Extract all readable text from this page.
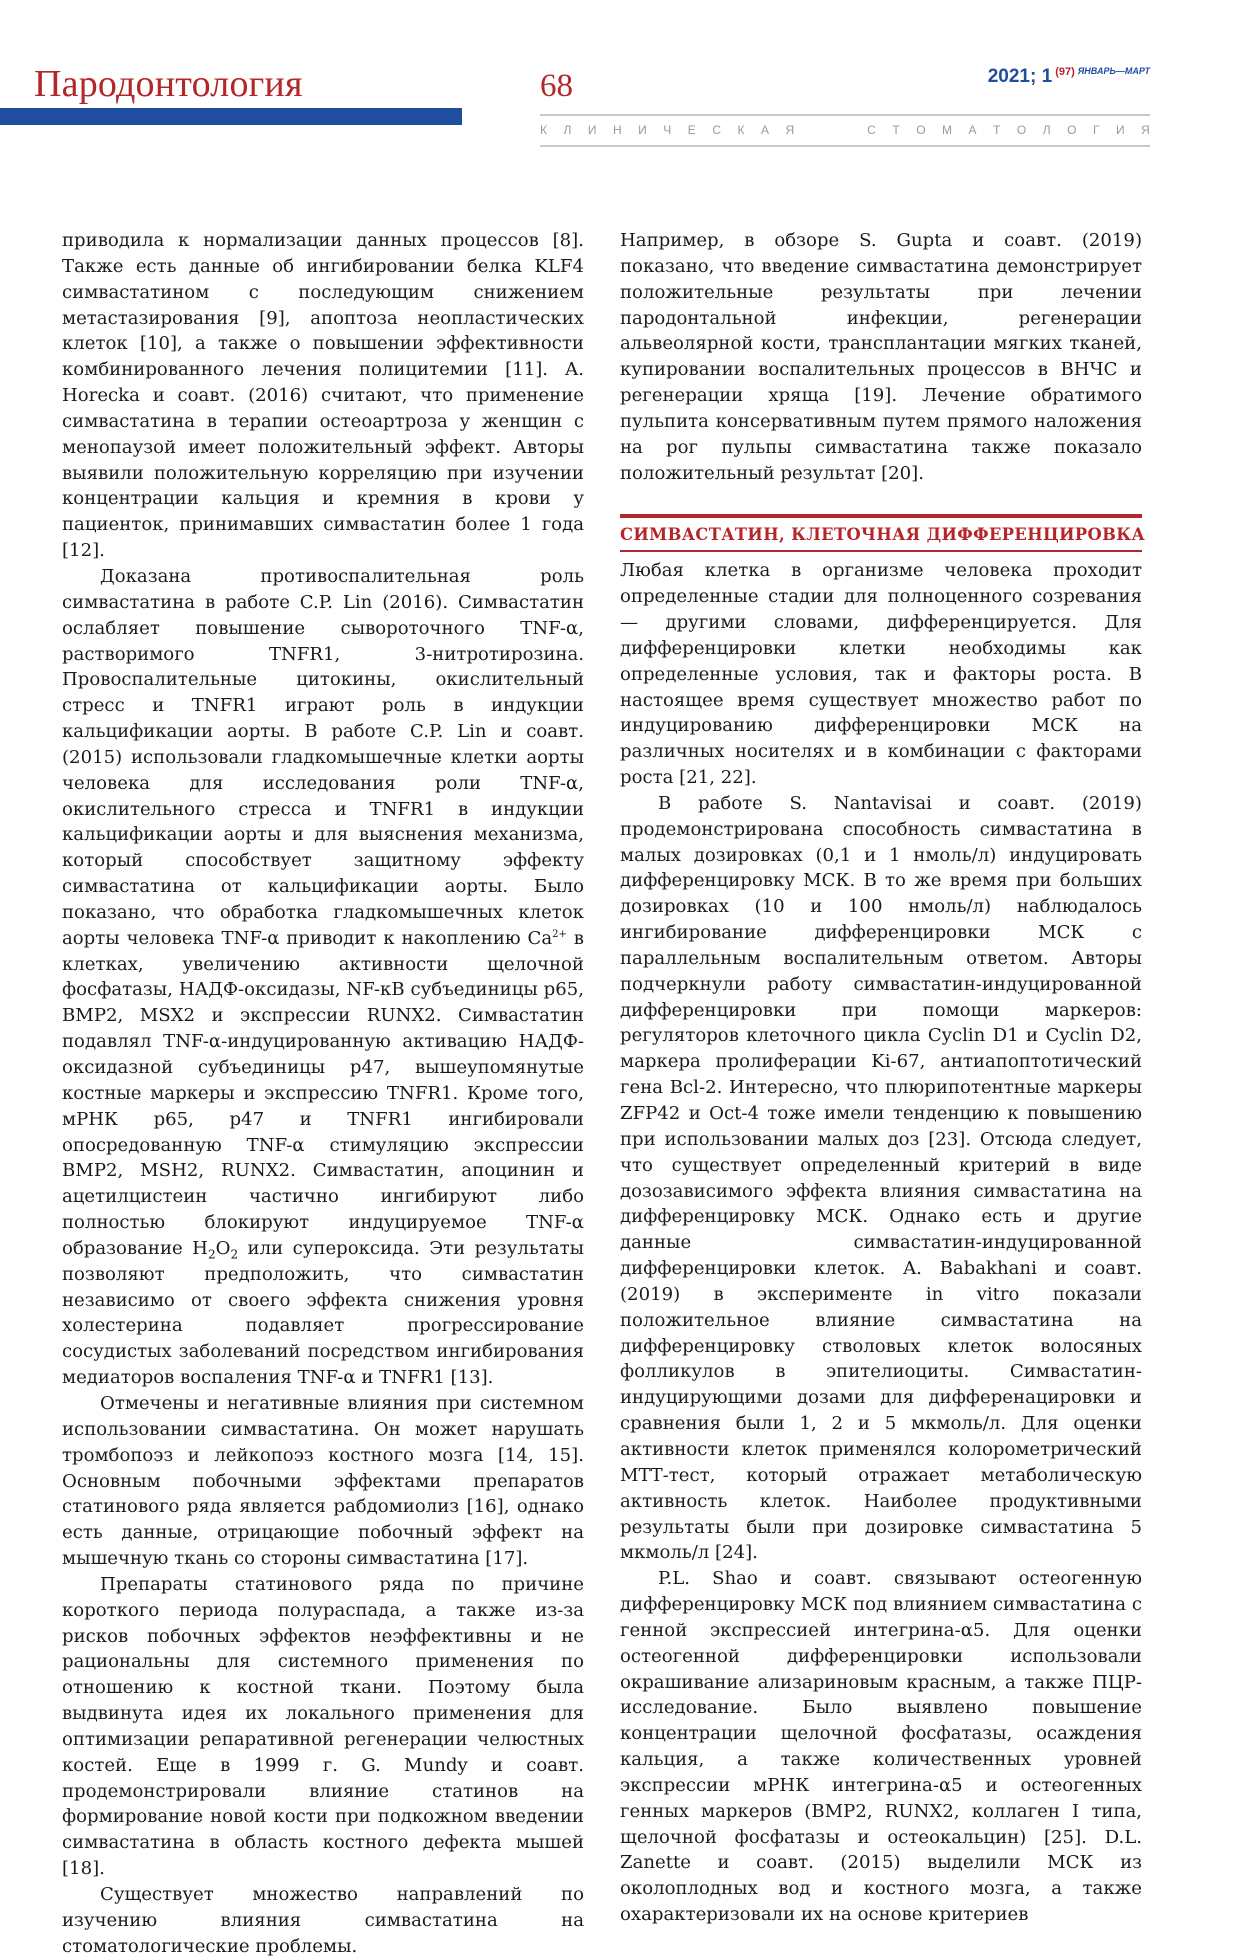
Пародонтология	68	2021; 1 $^{(97)}$ $^{ЯНВАРЬ—МАРТ}$
К Л И Н И Ч Е С К А Я	С Т О М А Т О Л О Г И Я

приводила к нормализации данных процессов [8]. Также есть данные об ингибировании белка KLF4 симвастатином с последующим снижением метастазирования [9], апоптоза неопластических клеток [10], а также о повышении эффективности комбинированного лечения полицитемии [11]. A. Horecka и соавт. (2016) считают, что применение симвастатина в терапии остеоартроза у женщин с менопаузой имеет положительный эффект. Авторы выявили положительную корреляцию при изучении концентрации кальция и кремния в крови у пациенток, принимавших симвастатин более 1 года [12].

Доказана противоспалительная роль симвастатина в работе C.P. Lin (2016). Симвастатин ослабляет повышение сывороточного TNF-α, растворимого TNFR1, 3-нитротирозина. Провоспалительные цитокины, окислительный стресс и TNFR1 играют роль в индукции кальцификации аорты. В работе C.P. Lin и соавт. (2015) использовали гладкомышечные клетки аорты человека для исследования роли TNF-α, окислительного стресса и TNFR1 в индукции кальцификации аорты и для выяснения механизма, который способствует защитному эффекту симвастатина от кальцификации аорты. Было показано, что обработка гладкомышечных клеток аорты человека TNF-α приводит к накоплению $Ca^{2+}$ в клетках, увеличению активности щелочной фосфатазы, НАДФ-оксидазы, NF-κB субъединицы p65, BMP2, MSX2 и экспрессии RUNX2. Симвастатин подавлял TNF-α-индуцированную активацию НАДФ-оксидазной субъединицы p47, вышеупомянутые костные маркеры и экспрессию TNFR1. Кроме того, мРНК p65, p47 и TNFR1 ингибировали опосредованную TNF-α стимуляцию экспрессии BMP2, MSH2, RUNX2. Симвастатин, апоцинин и ацетилцистеин частично ингибируют либо полностью блокируют индуцируемое TNF-α образование $H_2O_2$ или супероксида. Эти результаты позволяют предположить, что симвастатин независимо от своего эффекта снижения уровня холестерина подавляет прогрессирование сосудистых заболеваний посредством ингибирования медиаторов воспаления TNF-α и TNFR1 [13].

Отмечены и негативные влияния при системном использовании симвастатина. Он может нарушать тромбопоэз и лейкопоэз костного мозга [14, 15]. Основным побочными эффектами препаратов статинового ряда является рабдомиолиз [16], однако есть данные, отрицающие побочный эффект на мышечную ткань со стороны симвастатина [17].

Препараты статинового ряда по причине короткого периода полураспада, а также из-за рисков побочных эффектов неэффективны и не рациональны для системного применения по отношению к костной ткани. Поэтому была выдвинута идея их локального применения для оптимизации репаративной регенерации челюстных костей. Еще в 1999 г. G. Mundy и соавт. продемонстрировали влияние статинов на формирование новой кости при подкожном введении симвастатина в область костного дефекта мышей [18].

Существует множество направлений по изучению влияния симвастатина на стоматологические проблемы.

Например, в обзоре S. Gupta и соавт. (2019) показано, что введение симвастатина демонстрирует положительные результаты при лечении пародонтальной инфекции, регенерации альвеолярной кости, трансплантации мягких тканей, купировании воспалительных процессов в ВНЧС и регенерации хряща [19]. Лечение обратимого пульпита консервативным путем прямого наложения на рог пульпы симвастатина также показало положительный результат [20].

СИМВАСТАТИН, КЛЕТОЧНАЯ ДИФФЕРЕНЦИРОВКА

Любая клетка в организме человека проходит определенные стадии для полноценного созревания — другими словами, дифференцируется. Для дифференцировки клетки необходимы как определенные условия, так и факторы роста. В настоящее время существует множество работ по индуцированию дифференцировки МСК на различных носителях и в комбинации с факторами роста [21, 22].

В работе S. Nantavisai и соавт. (2019) продемонстрирована способность симвастатина в малых дозировках (0,1 и 1 нмоль/л) индуцировать дифференцировку МСК. В то же время при больших дозировках (10 и 100 нмоль/л) наблюдалось ингибирование дифференцировки МСК с параллельным воспалительным ответом. Авторы подчеркнули работу симвастатин-индуцированной дифференцировки при помощи маркеров: регуляторов клеточного цикла Cyclin D1 и Cyclin D2, маркера пролиферации Ki-67, антиапоптотический гена Bcl-2. Интересно, что плюрипотентные маркеры ZFP42 и Oct-4 тоже имели тенденцию к повышению при использовании малых доз [23]. Отсюда следует, что существует определенный критерий в виде дозозависимого эффекта влияния симвастатина на дифференцировку МСК. Однако есть и другие данные симвастатин-индуцированной дифференцировки клеток. A. Babakhani и соавт. (2019) в эксперименте in vitro показали положительное влияние симвастатина на дифференцировку стволовых клеток волосяных фолликулов в эпителиоциты. Симвастатин-индуцирующими дозами для дифференацировки и сравнения были 1, 2 и 5 мкмоль/л. Для оценки активности клеток применялся колорометрический МТТ-тест, который отражает метаболическую активность клеток. Наиболее продуктивными результаты были при дозировке симвастатина 5 мкмоль/л [24].

P.L. Shao и соавт. связывают остеогенную дифференцировку МСК под влиянием симвастатина с генной экспрессией интегрина-α5. Для оценки остеогенной дифференцировки использовали окрашивание ализариновым красным, а также ПЦР-исследование. Было выявлено повышение концентрации щелочной фосфатазы, осаждения кальция, а также количественных уровней экспрессии мРНК интегрина-α5 и остеогенных генных маркеров (BMP2, RUNX2, коллаген I типа, щелочной фосфатазы и остеокальцин) [25]. D.L. Zanette и соавт. (2015) выделили МСК из околоплодных вод и костного мозга, а также охарактеризовали их на основе критериев
